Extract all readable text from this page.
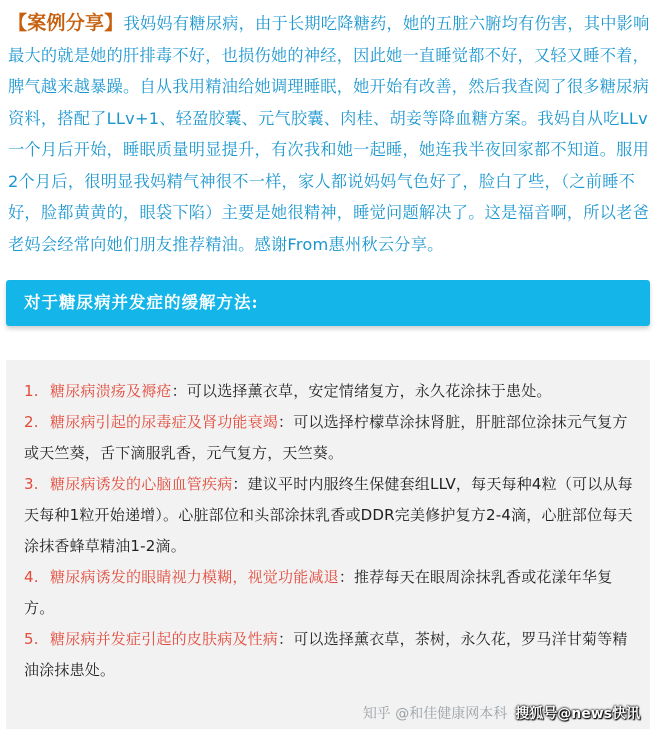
【案例分享】我妈妈有糖尿病，由于长期吃降糖药，她的五脏六腑均有伤害，其中影响最大的就是她的肝排毒不好，也损伤她的神经，因此她一直睡觉都不好，又轻又睡不着，脾气越来越暴躁。自从我用精油给她调理睡眠，她开始有改善，然后我查阅了很多糖尿病资料，搭配了LLv+1、轻盈胶囊、元气胶囊、肉桂、胡妾等降血糖方案。我妈自从吃LLv一个月后开始，睡眠质量明显提升，有次我和她一起睡，她连我半夜回家都不知道。服用2个月后，很明显我妈精气神很不一样，家人都说妈妈气色好了，脸白了些，（之前睡不好，脸都黄黄的，眼袋下陷）主要是她很精神，睡觉问题解决了。这是福音啊，所以老爸老妈会经常向她们朋友推荐精油。感谢From惠州秋云分享。

对于糖尿病并发症的缓解方法:
1. 糖尿病溃疡及褥疮：可以选择薰衣草，安定情绪复方，永久花涂抹于患处。
2. 糖尿病引起的尿毒症及肾功能衰竭：可以选择柠檬草涂抹肾脏，肝脏部位涂抹元气复方或天竺葵，舌下滴服乳香，元气复方，天竺葵。
3. 糖尿病诱发的心脑血管疾病：建议平时内服终生保健套组LLV，每天每种4粒（可以从每天每种1粒开始递增）。心脏部位和头部涂抹乳香或DDR完美修护复方2-4滴，心脏部位每天涂抹香蜂草精油1-2滴。
4. 糖尿病诱发的眼睛视力模糊，视觉功能减退：推荐每天在眼周涂抹乳香或花漾年华复方。
5. 糖尿病并发症引起的皮肤病及性病：可以选择薰衣草，茶树，永久花，罗马洋甘菊等精油涂抹患处。
知乎 @和佳健康网本科 搜狐号@news快讯
